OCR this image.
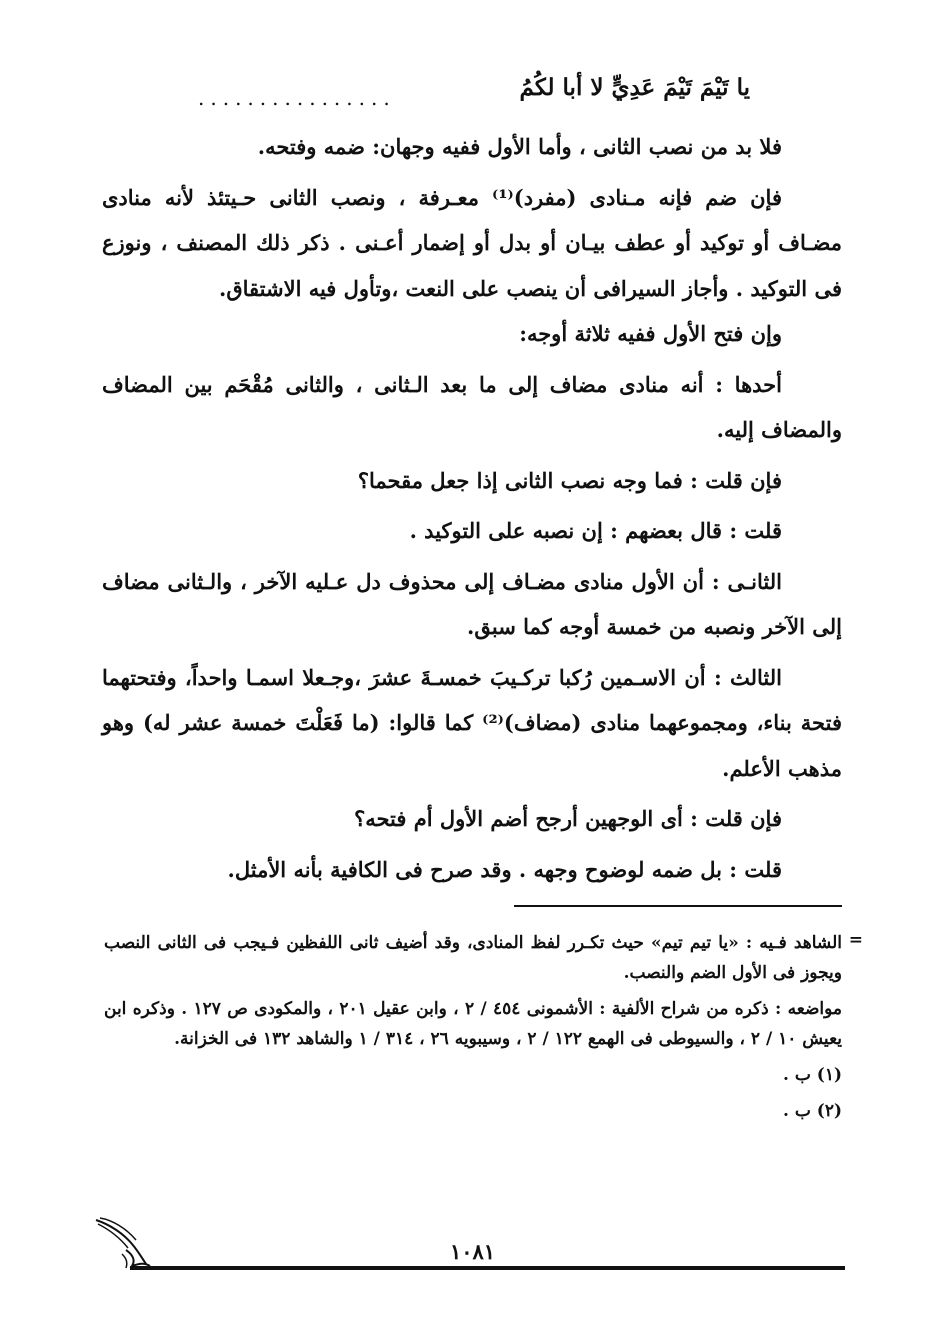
يا تَيْمَ تَيْمَ عَدِيٍّ لا أبا لكُمُ
................

فلا بد من نصب الثانى ، وأما الأول ففيه وجهان: ضمه وفتحه.

فإن ضم فإنه مـنادى (مفرد)⁽¹⁾ معـرفة ، ونصب الثانى حـيتئذ لأنه منادى مضـاف أو توكيد أو عطف بيـان أو بدل أو إضمار أعـنى . ذكر ذلك المصنف ، ونوزع فى التوكيد . وأجاز السيرافى أن ينصب على النعت ،وتأول فيه الاشتقاق.

وإن فتح الأول ففيه ثلاثة أوجه:

أحدها : أنه منادى مضاف إلى ما بعد الـثانى ، والثانى مُقْحَم بين المضاف والمضاف إليه.

فإن قلت : فما وجه نصب الثانى إذا جعل مقحما؟

قلت : قال بعضهم : إن نصبه على التوكيد .

الثانـى : أن الأول منادى مضـاف إلى محذوف دل عـليه الآخر ، والـثانى مضاف إلى الآخر ونصبه من خمسة أوجه كما سبق.

الثالث : أن الاسـمين رُكبا تركـيبَ خمسـةَ عشرَ ،وجـعلا اسمـا واحداً، وفتحتهما فتحة بناء، ومجموعهما منادى (مضاف)⁽²⁾ كما قالوا: (ما فَعَلْتَ خمسة عشر له) وهو مذهب الأعلم.

فإن قلت : أى الوجهين أرجح أضم الأول أم فتحه؟

قلت : بل ضمه لوضوح وجهه . وقد صرح فى الكافية بأنه الأمثل.

=

الشاهد فـيه : «يا تيم تيم» حيث تكـرر لفظ المنادى، وقد أضيف ثانى اللفظين فـيجب فى الثانى النصب ويجوز فى الأول الضم والنصب.

مواضعه : ذكره من شراح الألفية : الأشمونى ٤٥٤ / ٢ ، وابن عقيل ٢٠١ ، والمكودى ص ١٢٧ . وذكره ابن يعيش ١٠ / ٢ ، والسيوطى فى الهمع ١٢٢ / ٢ ، وسيبويه ٢٦ ، ٣١٤ / ١ والشاهد ١٣٢ فى الخزانة.

(١) ب .

(٢) ب .

١٠٨١
